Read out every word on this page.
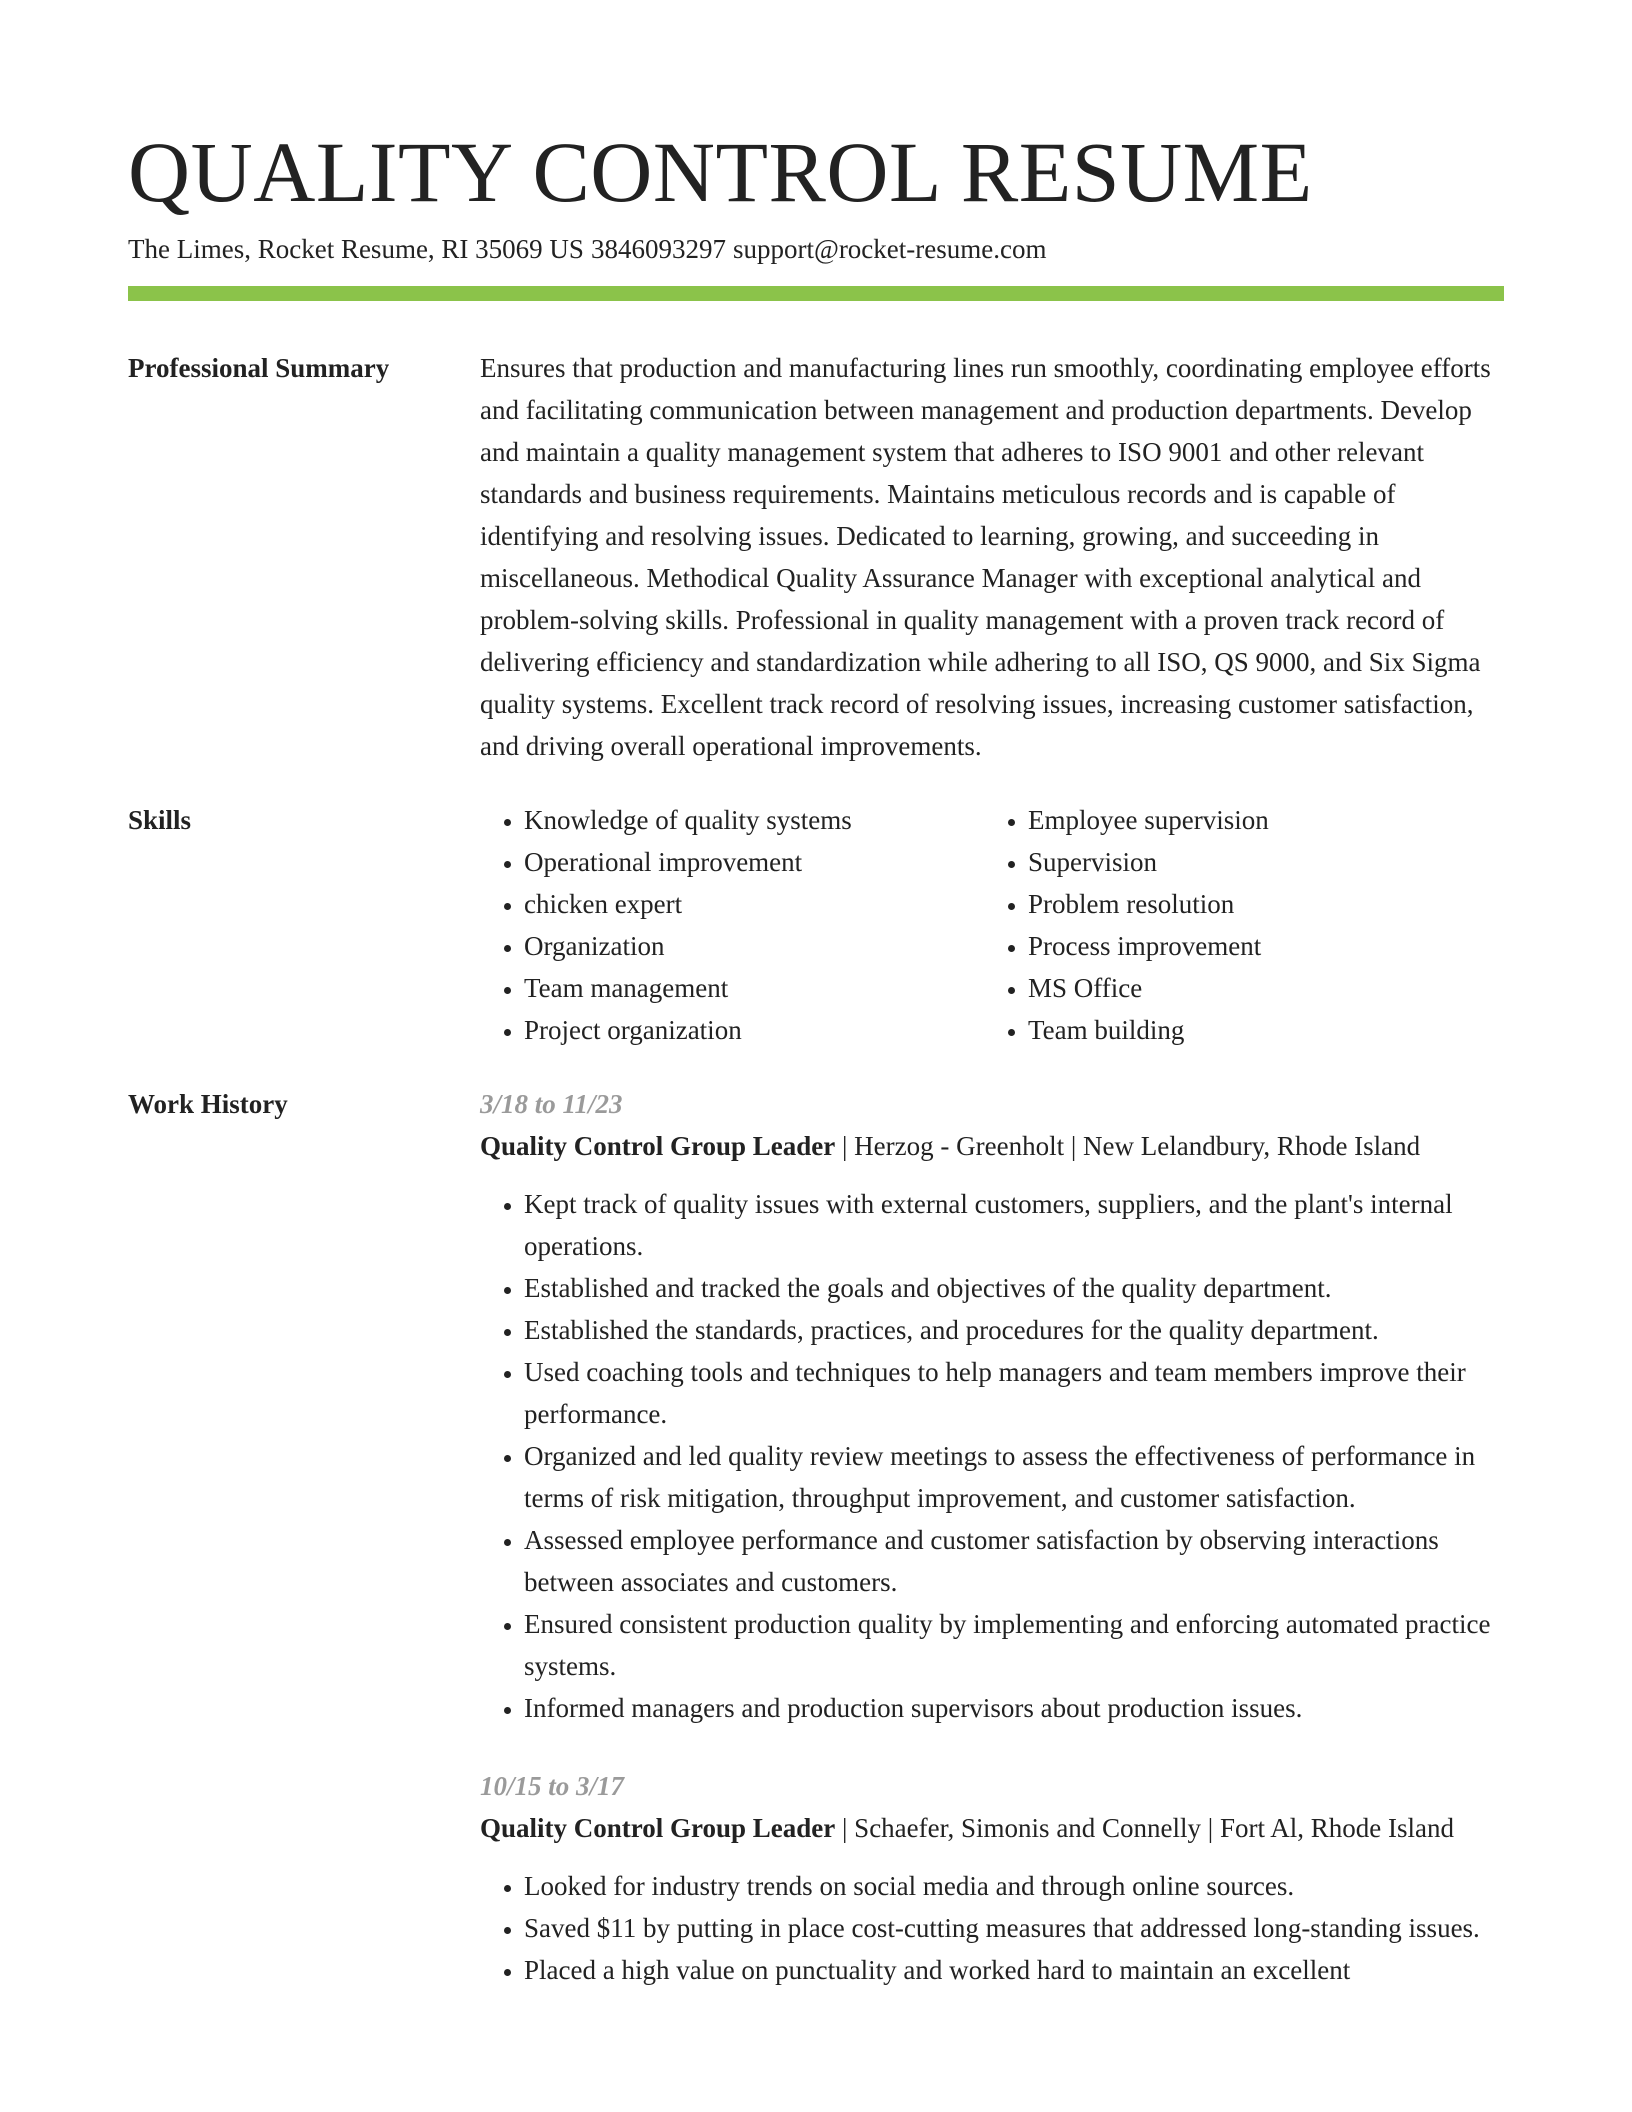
QUALITY CONTROL RESUME
The Limes, Rocket Resume, RI 35069 US 3846093297 support@rocket-resume.com
Professional Summary	Ensures that production and manufacturing lines run smoothly, coordinating employee efforts and facilitating communication between management and production departments. Develop and maintain a quality management system that adheres to ISO 9001 and other relevant standards and business requirements. Maintains meticulous records and is capable of identifying and resolving issues. Dedicated to learning, growing, and succeeding in miscellaneous. Methodical Quality Assurance Manager with exceptional analytical and problem-solving skills. Professional in quality management with a proven track record of delivering efficiency and standardization while adhering to all ISO, QS 9000, and Six Sigma quality systems. Excellent track record of resolving issues, increasing customer satisfaction, and driving overall operational improvements.

Skills
•	Knowledge of quality systems
• Operational improvement
• chicken expert
• Organization
• Team management
• Project organization
• Employee supervision
• Supervision
• Problem resolution
• Process improvement
• MS Office
• Team building
Work History	3/18 to 11/23
Quality Control Group Leader | Herzog - Greenholt | New Lelandbury, Rhode Island
• Kept track of quality issues with external customers, suppliers, and the plant's internal operations.
• Established and tracked the goals and objectives of the quality department.
• Established the standards, practices, and procedures for the quality department.
• Used coaching tools and techniques to help managers and team members improve their performance.
• Organized and led quality review meetings to assess the effectiveness of performance in terms of risk mitigation, throughput improvement, and customer satisfaction.
• Assessed employee performance and customer satisfaction by observing interactions between associates and customers.
• Ensured consistent production quality by implementing and enforcing automated practice systems.
• Informed managers and production supervisors about production issues.
10/15 to 3/17
Quality Control Group Leader | Schaefer, Simonis and Connelly | Fort Al, Rhode Island
• Looked for industry trends on social media and through online sources.
• Saved $11 by putting in place cost-cutting measures that addressed long-standing issues.
• Placed a high value on punctuality and worked hard to maintain an excellent
